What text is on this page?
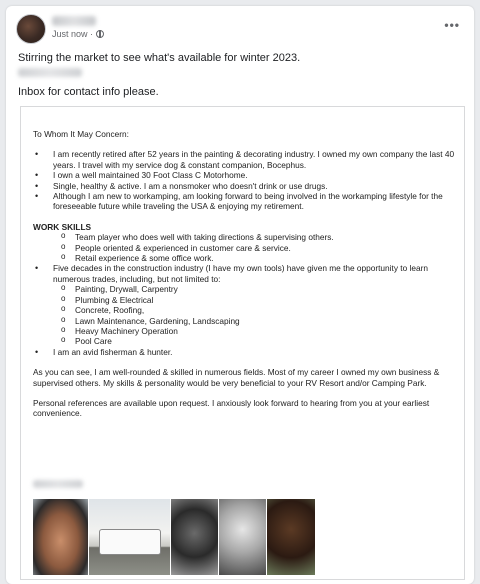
Just now ·
•••
Stirring the market to see what's available for winter 2023.
Inbox for contact info please.

To Whom It May Concern:

• I am recently retired after 52 years in the painting & decorating industry. I owned my own company the last 40 years. I travel with my service dog & constant companion, Bocephus.

• I own a well maintained 30 Foot Class C Motorhome.

• Single, healthy & active. I am a nonsmoker who doesn't drink or use drugs.

• Although I am new to workamping, am looking forward to being involved in the workamping lifestyle for the foreseeable future while traveling the USA & enjoying my retirement.

WORK SKILLS

o Team player who does well with taking directions & supervising others.

o People oriented & experienced in customer care & service.

o Retail experience & some office work.

• Five decades in the construction industry (I have my own tools) have given me the opportunity to learn numerous trades, including, but not limited to:

o Painting, Drywall, Carpentry

o Plumbing & Electrical

o Concrete, Roofing,

o Lawn Maintenance, Gardening, Landscaping

o Heavy Machinery Operation

o Pool Care

• I am an avid fisherman & hunter.

As you can see, I am well-rounded & skilled in numerous fields. Most of my career I owned my own business & supervised others. My skills & personality would be very beneficial to your RV Resort and/or Camping Park.

Personal references are available upon request. I anxiously look forward to hearing from you at your earliest convenience.
